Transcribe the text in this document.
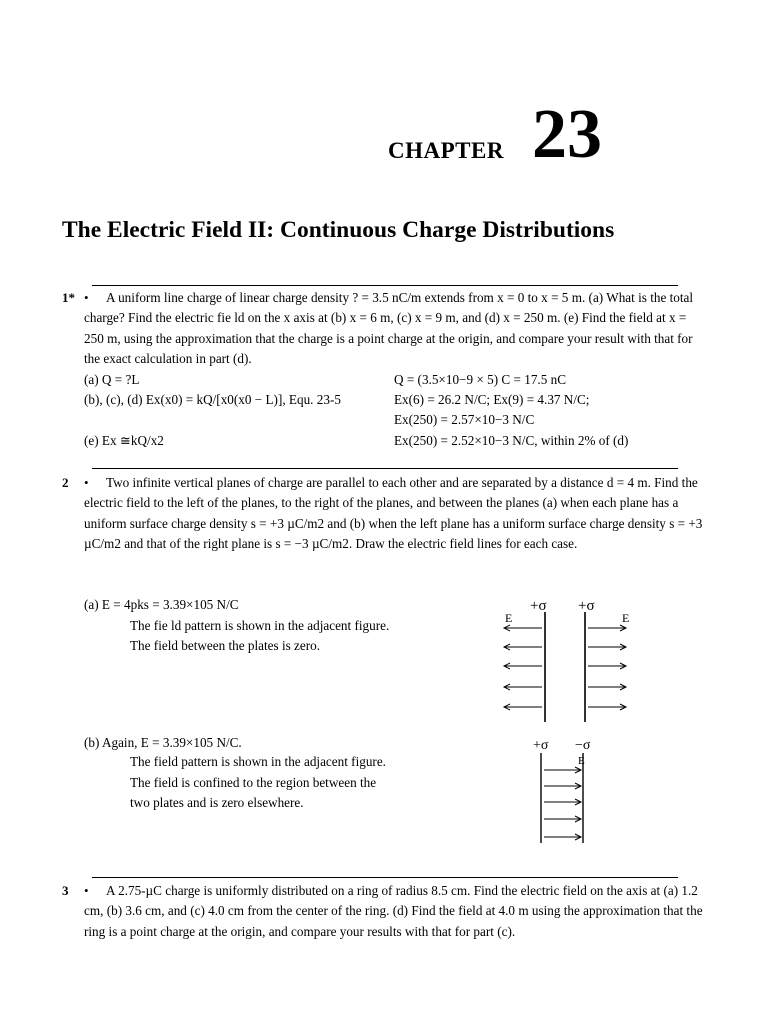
CHAPTER 23
The Electric Field II: Continuous Charge Distributions
1* •	A uniform line charge of linear charge density ? = 3.5 nC/m extends from x = 0 to x = 5 m. (a) What is the total charge? Find the electric fie ld on the x axis at (b) x = 6 m, (c) x = 9 m, and (d) x = 250 m. (e) Find the field at x = 250 m, using the approximation that the charge is a point charge at the origin, and compare your result with that for the exact calculation in part (d).
(a) Q = ?L	Q = (3.5×10−9 × 5) C = 17.5 nC
(b), (c), (d) Ex(x0) = kQ/[x0(x0 − L)], Equ. 23-5	Ex(6) = 26.2 N/C; Ex(9) = 4.37 N/C;
Ex(250) = 2.57×10−3 N/C
(e) Ex ≅kQ/x2	Ex(250) = 2.52×10−3 N/C, within 2% of (d)
2 •	Two infinite vertical planes of charge are parallel to each other and are separated by a distance d = 4 m. Find the electric field to the left of the planes, to the right of the planes, and between the planes (a) when each plane has a uniform surface charge density s = +3 µC/m2 and (b) when the left plane has a uniform surface charge density s = +3 µC/m2 and that of the right plane is s = −3 µC/m2. Draw the electric field lines for each case.
(a) E = 4pks = 3.39×105 N/C
The fie ld pattern is shown in the adjacent figure.
The field between the plates is zero.
+σ +σ
E	E
(b) Again, E = 3.39×105 N/C.
The field pattern is shown in the adjacent figure.
The field is confined to the region between the
two plates and is zero elsewhere.
+σ −σ
E
3 •	A 2.75-µC charge is uniformly distributed on a ring of radius 8.5 cm. Find the electric field on the axis at (a) 1.2 cm, (b) 3.6 cm, and (c) 4.0 cm from the center of the ring. (d) Find the field at 4.0 m using the approximation that the ring is a point charge at the origin, and compare your results with that for part (c).
